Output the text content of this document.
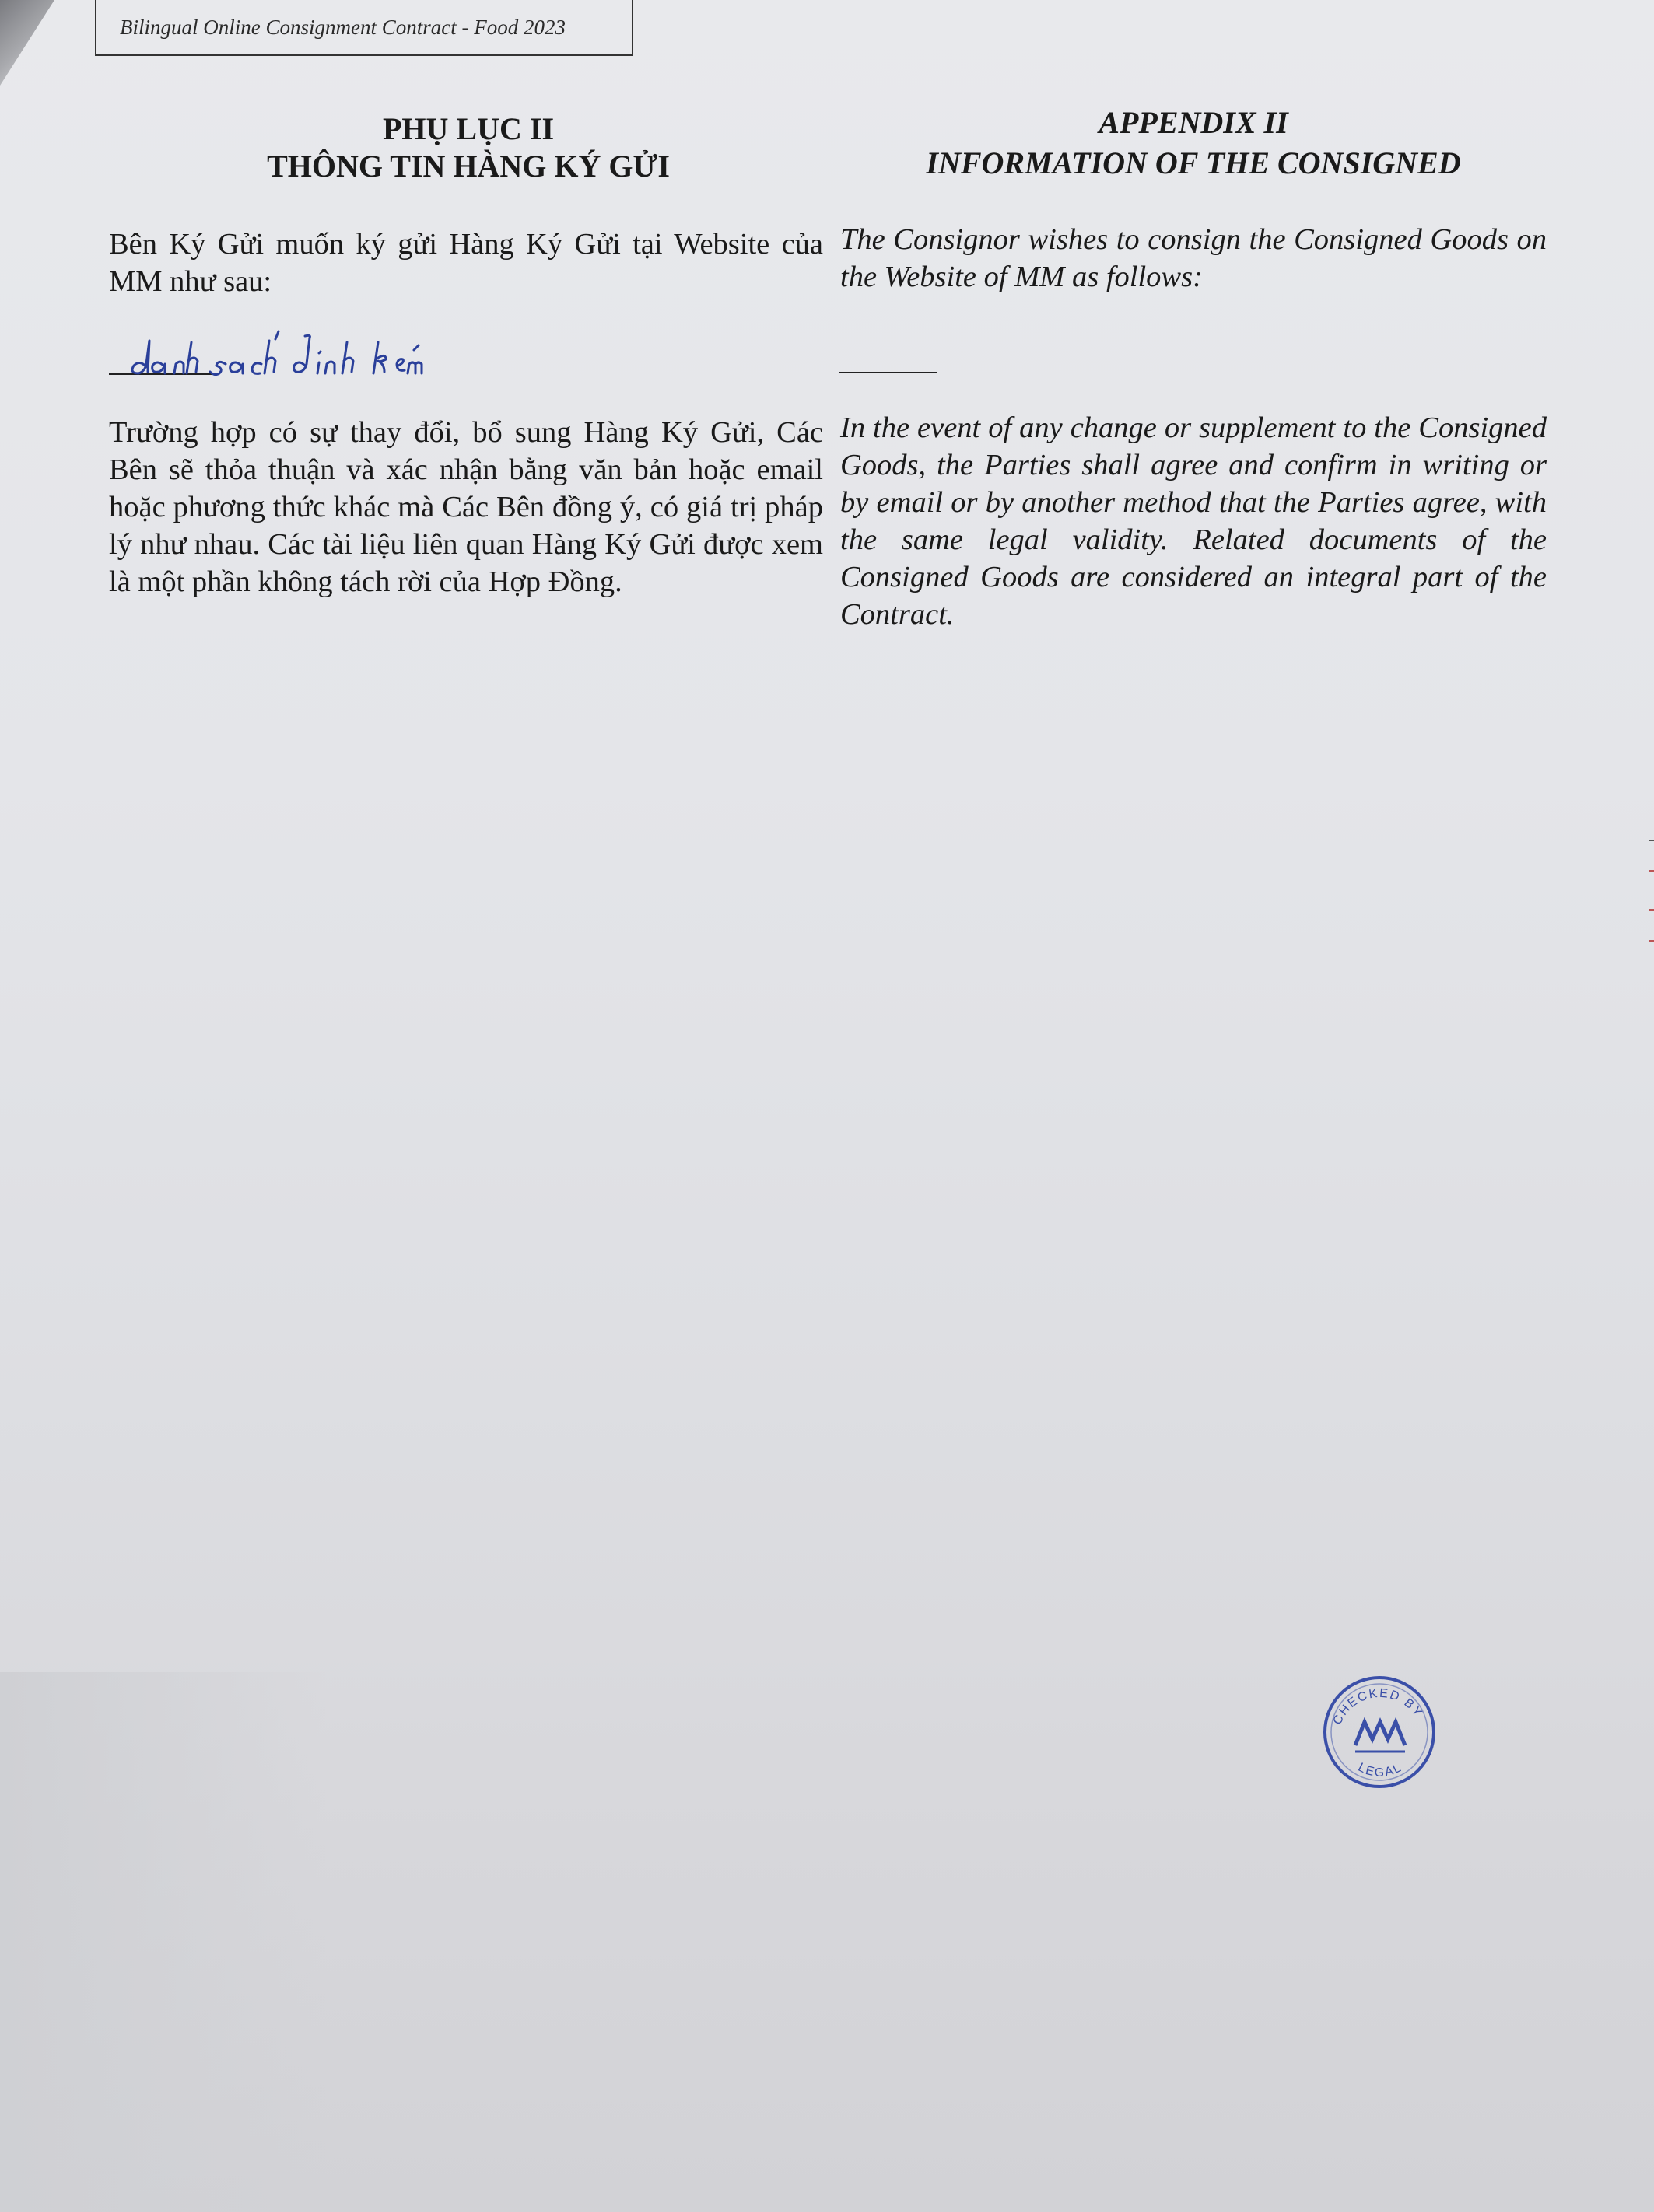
Bilingual Online Consignment Contract - Food 2023
PHỤ LỤC II
THÔNG TIN HÀNG KÝ GỬI
APPENDIX II
INFORMATION OF THE CONSIGNED

Bên Ký Gửi muốn ký gửi Hàng Ký Gửi tại Website của MM như sau:

The Consignor wishes to consign the Consigned Goods on the Website of MM as follows:

Trường hợp có sự thay đổi, bổ sung Hàng Ký Gửi, Các Bên sẽ thỏa thuận và xác nhận bằng văn bản hoặc email hoặc phương thức khác mà Các Bên đồng ý, có giá trị pháp lý như nhau. Các tài liệu liên quan Hàng Ký Gửi được xem là một phần không tách rời của Hợp Đồng.

In the event of any change or supplement to the Consigned Goods, the Parties shall agree and confirm in writing or by email or by another method that the Parties agree, with the same legal validity. Related documents of the Consigned Goods are considered an integral part of the Contract.

CHECKED BY
LEGAL
